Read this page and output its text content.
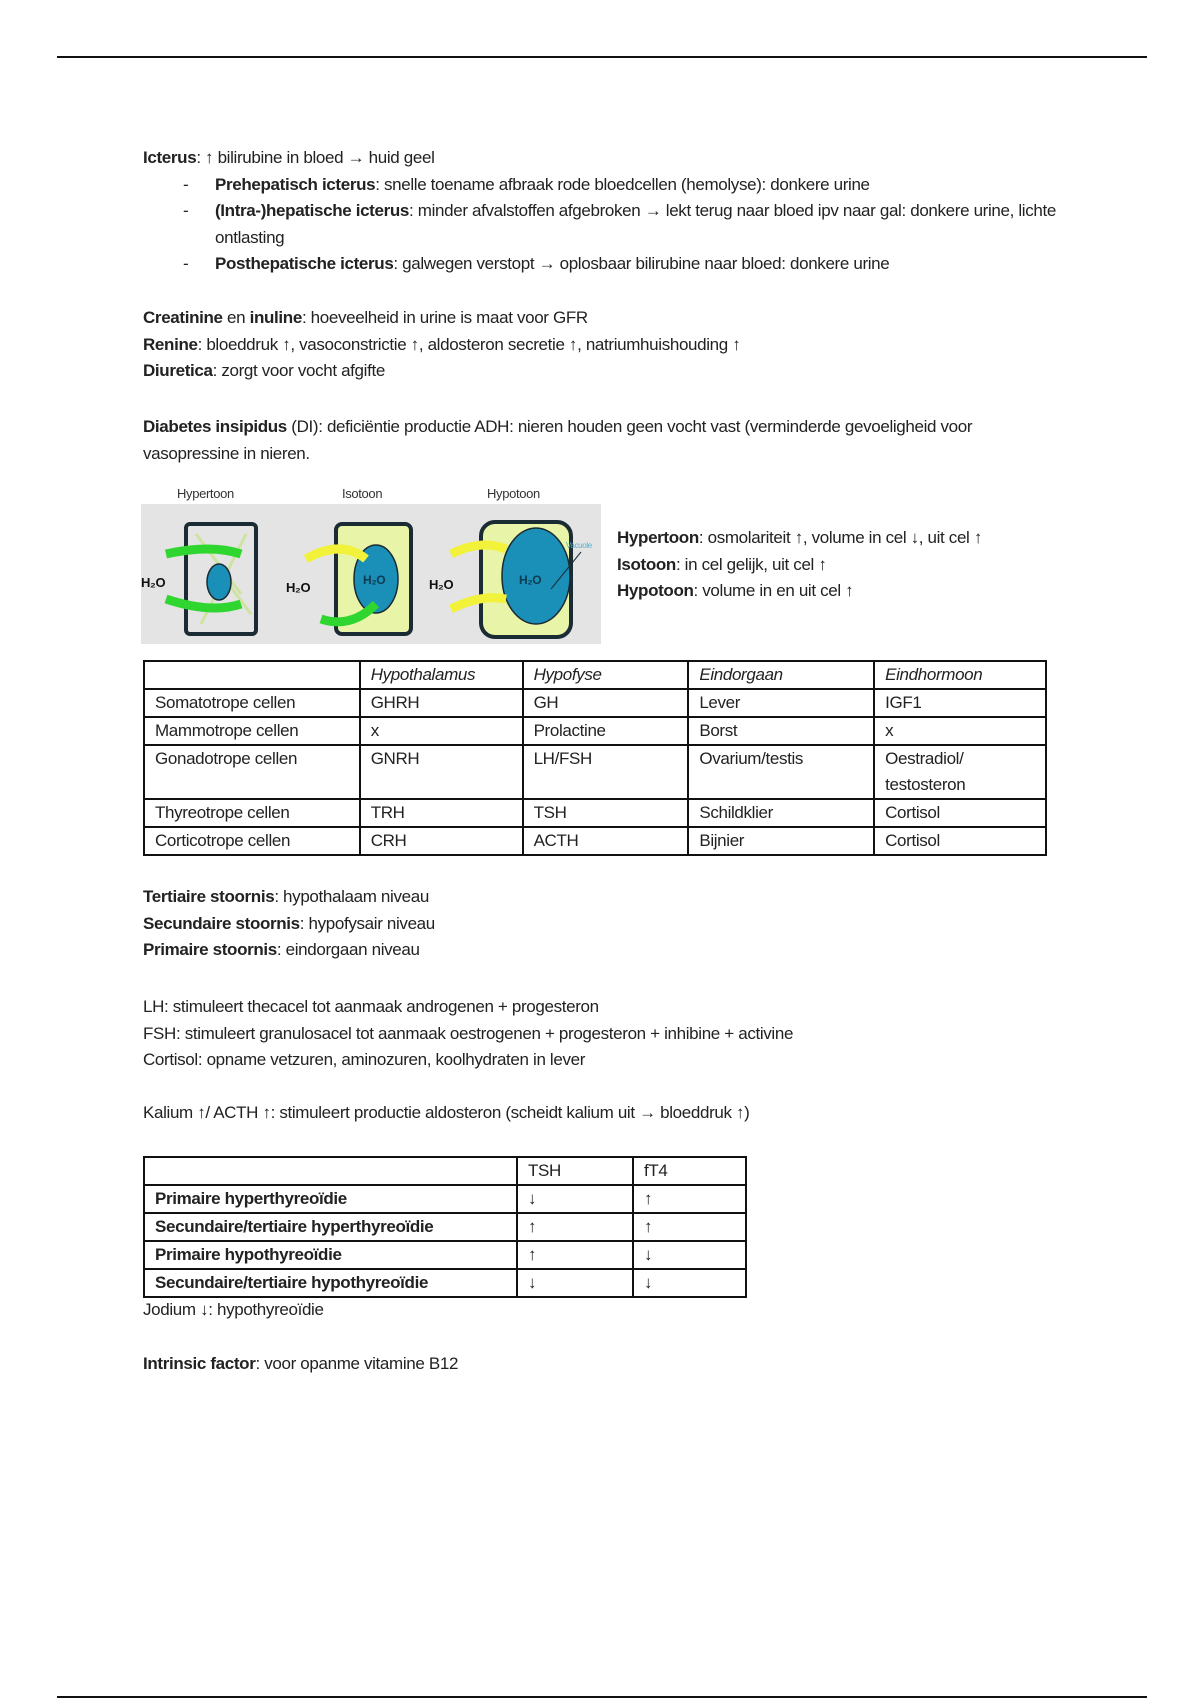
Icterus: ↑ bilirubine in bloed → huid geel
- Prehepatisch icterus: snelle toename afbraak rode bloedcellen (hemolyse): donkere urine
- (Intra-)hepatische icterus: minder afvalstoffen afgebroken → lekt terug naar bloed ipv naar gal: donkere urine, lichte ontlasting
- Posthepatische icterus: galwegen verstopt → oplosbaar bilirubine naar bloed: donkere urine
Creatinine en inuline: hoeveelheid in urine is maat voor GFR
Renine: bloeddruk ↑, vasoconstrictie ↑, aldosteron secretie ↑, natriumhuishouding ↑
Diuretica: zorgt voor vocht afgifte
Diabetes insipidus (DI): deficiëntie productie ADH: nieren houden geen vocht vast (verminderde gevoeligheid voor vasopressine in nieren.
Hypertoon	Isotoon	Hypotoon
H₂O	H₂O	H₂O	H₂O	H₂O
Vacuole Hypertoon: osmolariteit ↑, volume in cel ↓, uit cel ↑
Isotoon: in cel gelijk, uit cel ↑
Hypotoon: volume in en uit cel ↑
	Hypothalamus	Hypofyse	Eindorgaan	Eindhormoon
Somatotrope cellen	GHRH	GH	Lever	IGF1
Mammotrope cellen	x	Prolactine	Borst	x
Gonadotrope cellen	GNRH	LH/FSH	Ovarium/testis	Oestradiol/ testosteron
Thyreotrope cellen	TRH	TSH	Schildklier	Cortisol
Corticotrope cellen	CRH	ACTH	Bijnier	Cortisol
Tertiaire stoornis: hypothalaam niveau
Secundaire stoornis: hypofysair niveau
Primaire stoornis: eindorgaan niveau
LH: stimuleert thecacel tot aanmaak androgenen + progesteron
FSH: stimuleert granulosacel tot aanmaak oestrogenen + progesteron + inhibine + activine
Cortisol: opname vetzuren, aminozuren, koolhydraten in lever
Kalium ↑/ ACTH ↑: stimuleert productie aldosteron (scheidt kalium uit → bloeddruk ↑)
	TSH	fT4
Primaire hyperthyreoïdie	↓	↑
Secundaire/tertiaire hyperthyreoïdie	↑	↑
Primaire hypothyreoïdie	↑	↓
Secundaire/tertiaire hypothyreoïdie	↓	↓
Jodium ↓: hypothyreoïdie
Intrinsic factor: voor opanme vitamine B12
